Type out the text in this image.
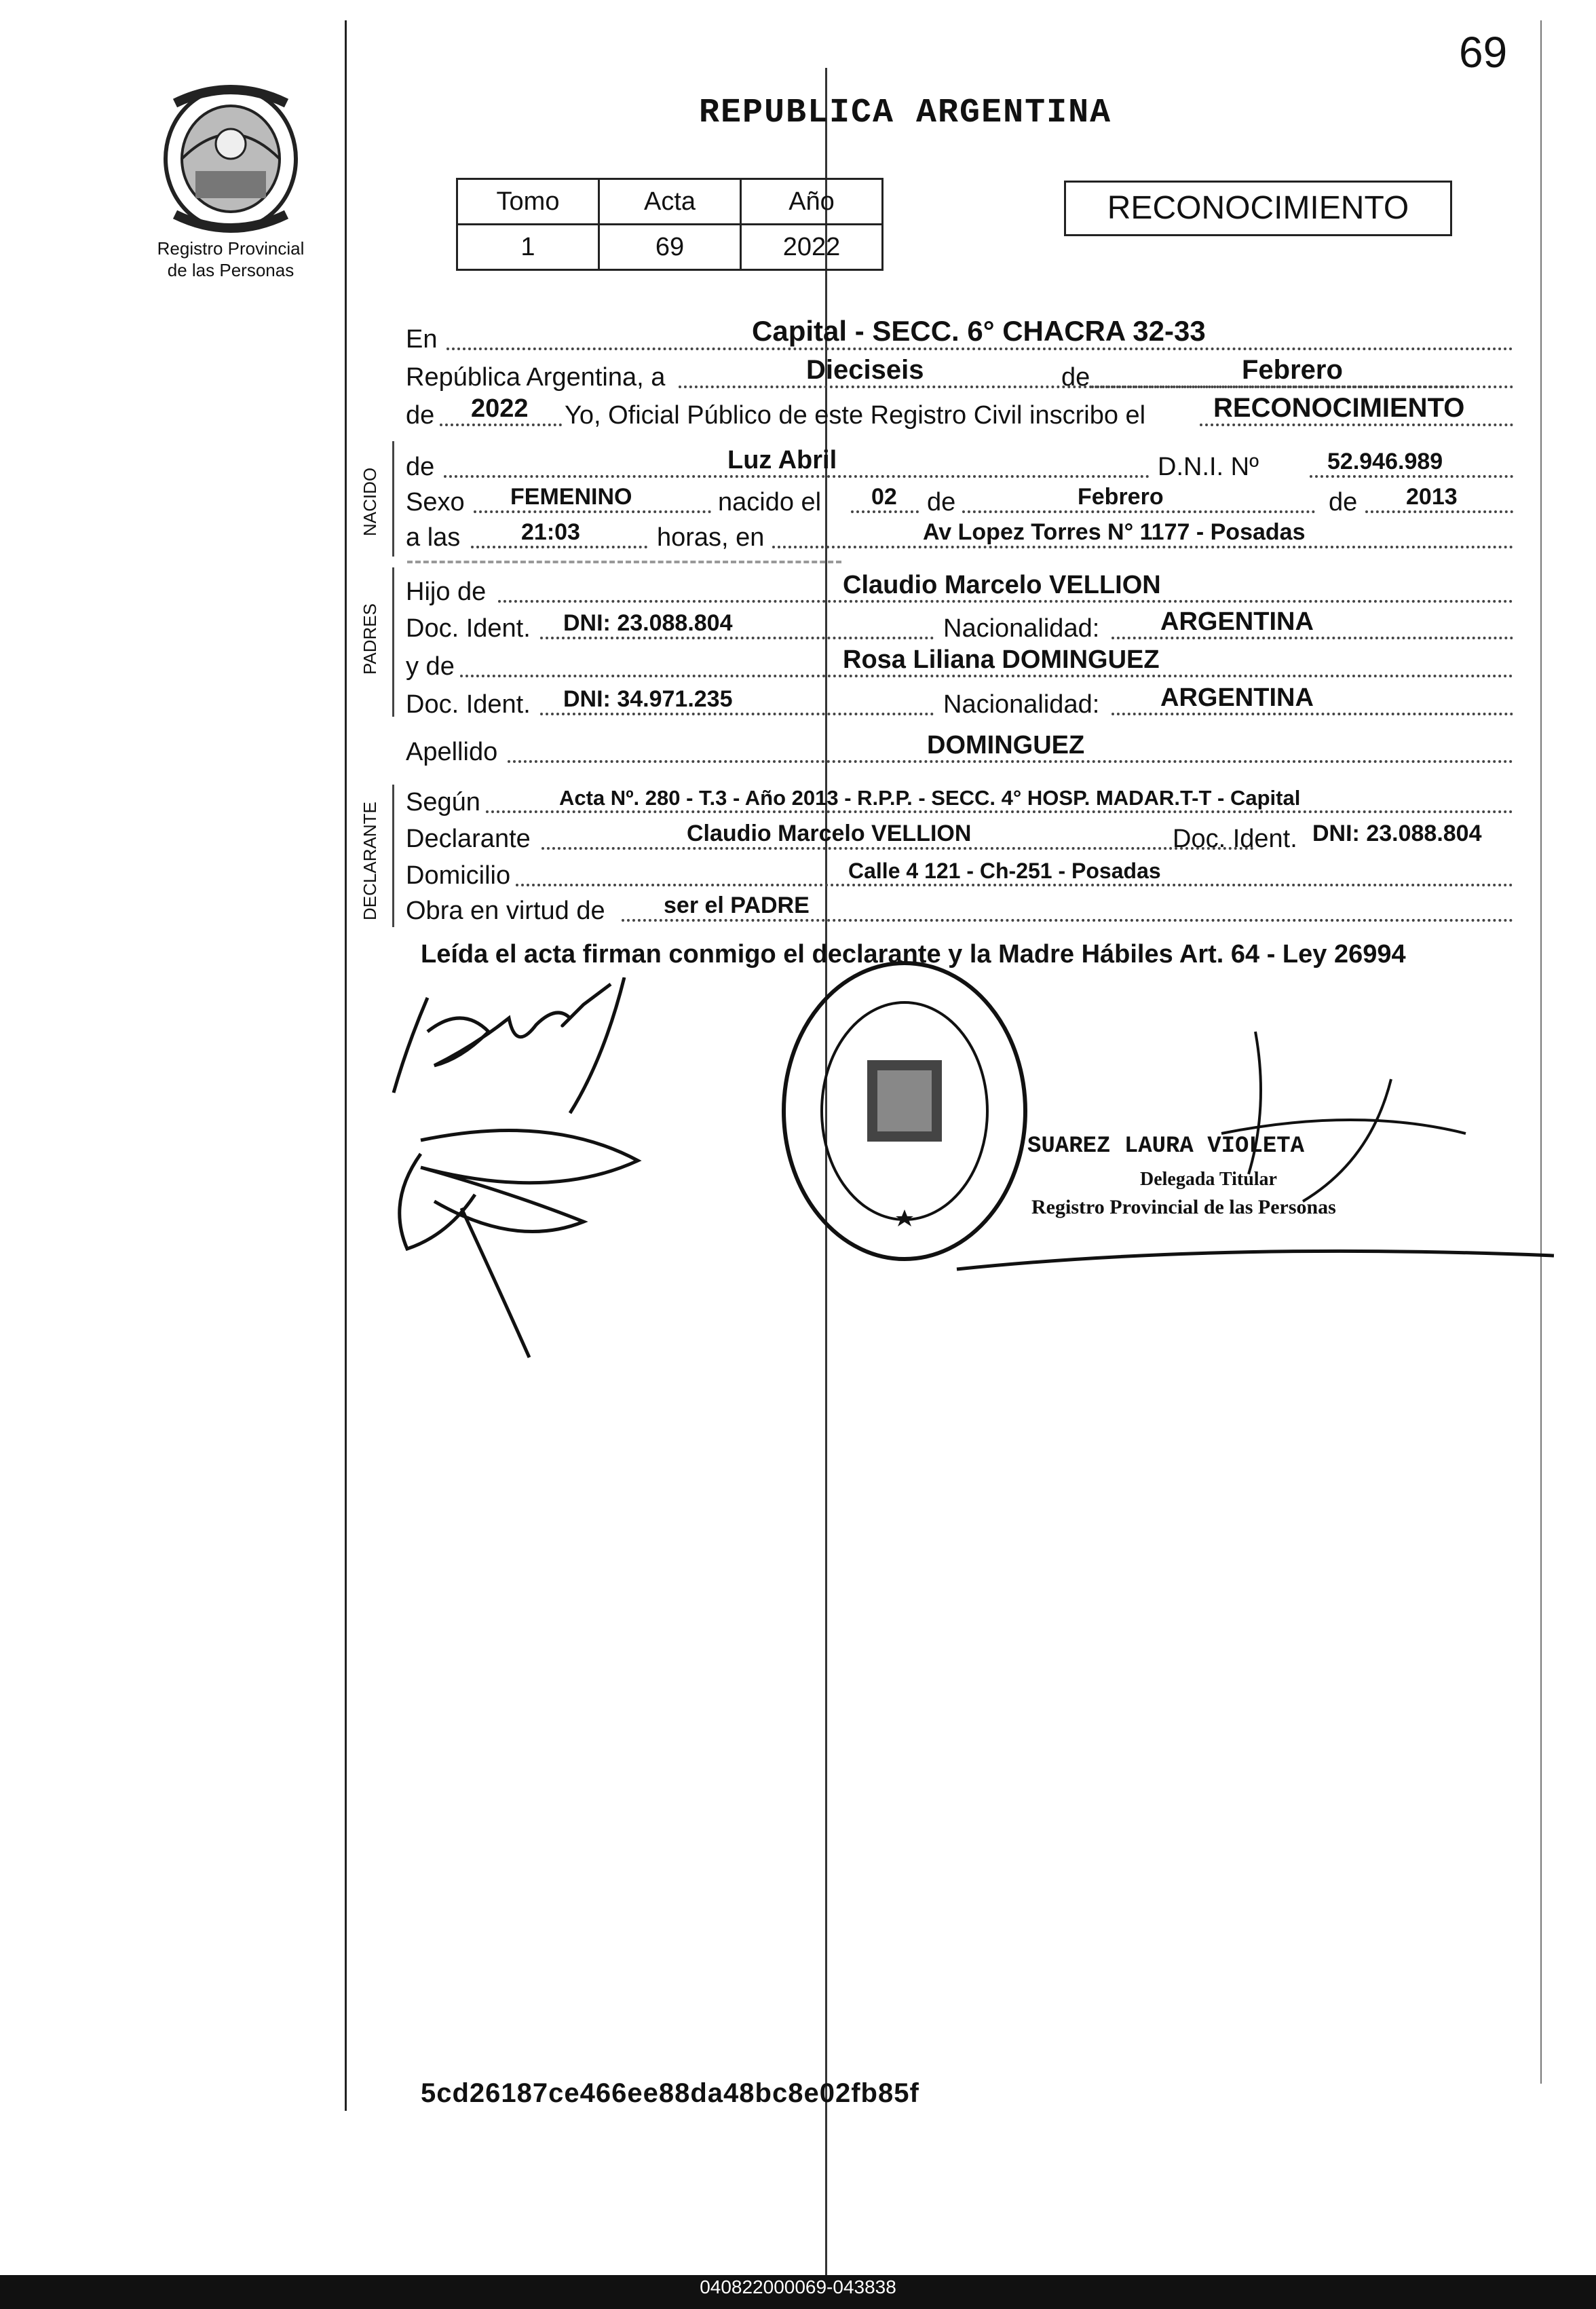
69
Registro Provincial
de las Personas
REPUBLICA ARGENTINA
Tomo	Acta	Año
1	69	2022
RECONOCIMIENTO
En	Capital - SECC. 6° CHACRA 32-33
República Argentina, a	Dieciseis	de	Febrero
de 2022 Yo, Oficial Público de este Registro Civil inscribo el RECONOCIMIENTO
NACIDO
de	Luz Abril	D.N.I. Nº	52.946.989
Sexo FEMENINO	nacido el 02 de	Febrero	de 2013
a las	21:03	horas, en	Av Lopez Torres N° 1177 - Posadas
PADRES
Hijo de	Claudio Marcelo VELLION
Doc. Ident. DNI: 23.088.804	Nacionalidad: ARGENTINA
y de	Rosa Liliana DOMINGUEZ
Doc. Ident. DNI: 34.971.235	Nacionalidad: ARGENTINA
Apellido	DOMINGUEZ
DECLARANTE Según	Acta Nº. 280 - T.3 - Año 2013 - R.P.P. - SECC. 4° HOSP. MADAR.T-T - Capital
Declarante	Claudio Marcelo VELLION	Doc. Ident. DNI: 23.088.804
Domicilio	Calle 4 121 - Ch-251 - Posadas
Obra en virtud de	ser el PADRE
Leída el acta firman conmigo el declarante y la Madre Hábiles Art. 64 - Ley 26994
SUAREZ LAURA VIOLETA
Delegada Titular
Registro Provincial de las Personas
5cd26187ce466ee88da48bc8e02fb85f
040822000069-043838
